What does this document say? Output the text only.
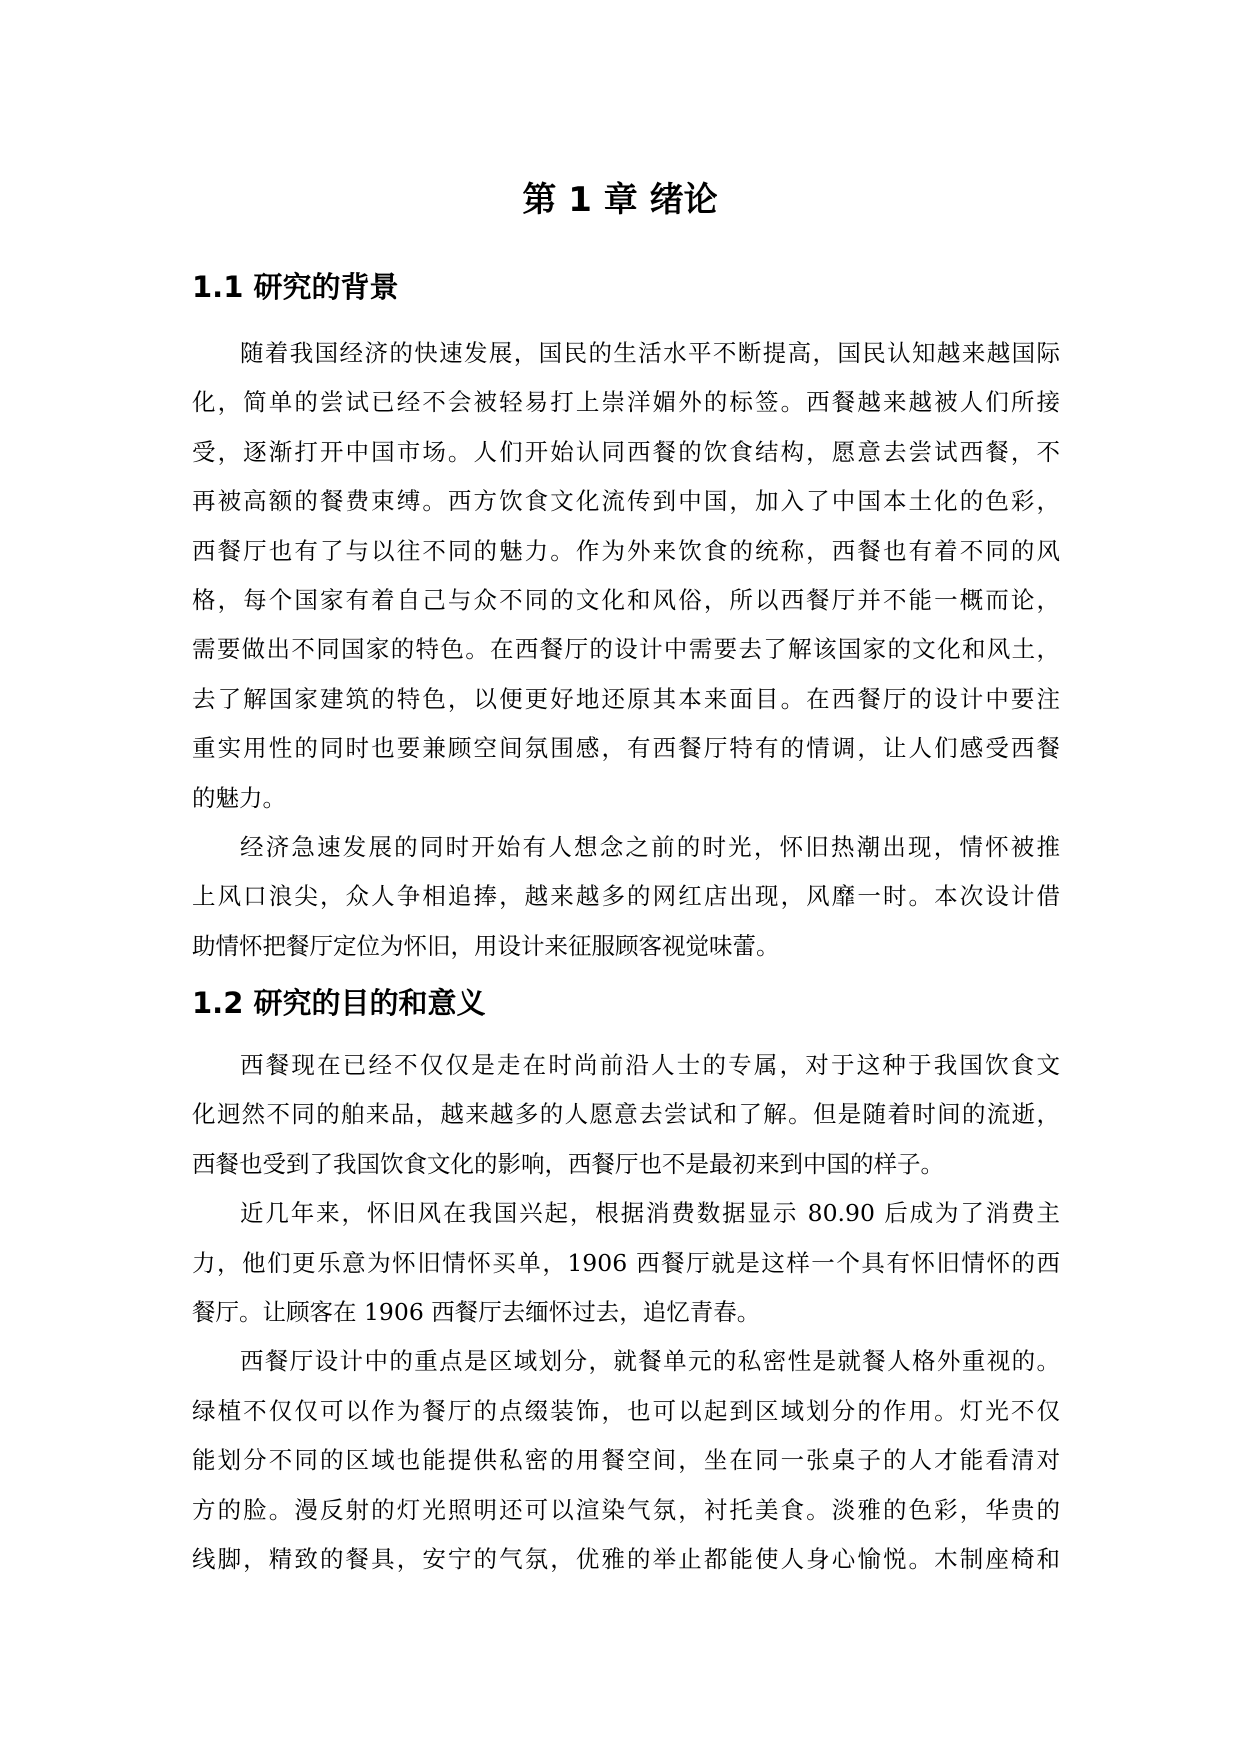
第 1 章 绪论
1.1 研究的背景
随着我国经济的快速发展，国民的生活水平不断提高，国民认知越来越国际
化，简单的尝试已经不会被轻易打上崇洋媚外的标签。西餐越来越被人们所接
受，逐渐打开中国市场。人们开始认同西餐的饮食结构，愿意去尝试西餐，不
再被高额的餐费束缚。西方饮食文化流传到中国，加入了中国本土化的色彩，
西餐厅也有了与以往不同的魅力。作为外来饮食的统称，西餐也有着不同的风
格，每个国家有着自己与众不同的文化和风俗，所以西餐厅并不能一概而论，
需要做出不同国家的特色。在西餐厅的设计中需要去了解该国家的文化和风土，
去了解国家建筑的特色，以便更好地还原其本来面目。在西餐厅的设计中要注
重实用性的同时也要兼顾空间氛围感，有西餐厅特有的情调，让人们感受西餐
的魅力。
经济急速发展的同时开始有人想念之前的时光，怀旧热潮出现，情怀被推
上风口浪尖，众人争相追捧，越来越多的网红店出现，风靡一时。本次设计借
助情怀把餐厅定位为怀旧，用设计来征服顾客视觉味蕾。
1.2 研究的目的和意义
西餐现在已经不仅仅是走在时尚前沿人士的专属，对于这种于我国饮食文
化迥然不同的舶来品，越来越多的人愿意去尝试和了解。但是随着时间的流逝，
西餐也受到了我国饮食文化的影响，西餐厅也不是最初来到中国的样子。
近几年来，怀旧风在我国兴起，根据消费数据显示 80.90 后成为了消费主
力，他们更乐意为怀旧情怀买单，1906 西餐厅就是这样一个具有怀旧情怀的西
餐厅。让顾客在 1906 西餐厅去缅怀过去，追忆青春。
西餐厅设计中的重点是区域划分，就餐单元的私密性是就餐人格外重视的。
绿植不仅仅可以作为餐厅的点缀装饰，也可以起到区域划分的作用。灯光不仅
能划分不同的区域也能提供私密的用餐空间，坐在同一张桌子的人才能看清对
方的脸。漫反射的灯光照明还可以渲染气氛，衬托美食。淡雅的色彩，华贵的
线脚，精致的餐具，安宁的气氛，优雅的举止都能使人身心愉悦。木制座椅和
